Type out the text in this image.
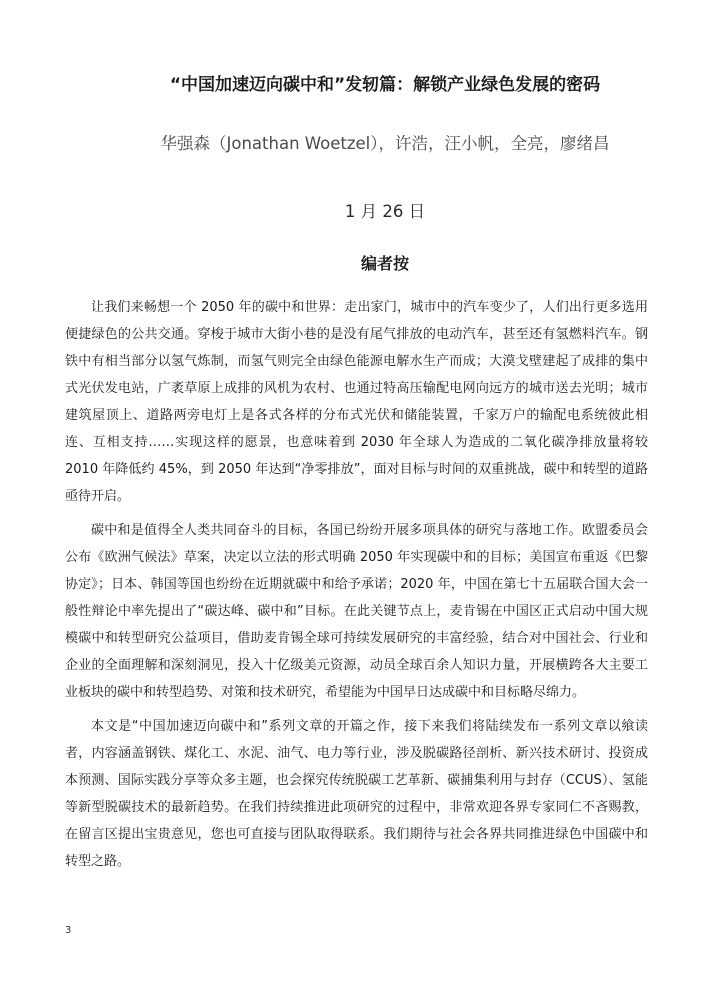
“中国加速迈向碳中和”发轫篇：解锁产业绿色发展的密码
华强森（Jonathan Woetzel），许浩，汪小帆，全亮，廖绪昌
1 月 26 日
编者按

让我们来畅想一个 2050 年的碳中和世界：走出家门，城市中的汽车变少了，人们出行更多选用便捷绿色的公共交通。穿梭于城市大街小巷的是没有尾气排放的电动汽车，甚至还有氢燃料汽车。钢铁中有相当部分以氢气炼制，而氢气则完全由绿色能源电解水生产而成；大漠戈壁建起了成排的集中式光伏发电站，广袤草原上成排的风机为农村、也通过特高压输配电网向远方的城市送去光明；城市建筑屋顶上、道路两旁电灯上是各式各样的分布式光伏和储能装置，千家万户的输配电系统彼此相连、互相支持……实现这样的愿景，也意味着到 2030 年全球人为造成的二氧化碳净排放量将较 2010 年降低约 45%，到 2050 年达到“净零排放”，面对目标与时间的双重挑战，碳中和转型的道路亟待开启。

碳中和是值得全人类共同奋斗的目标，各国已纷纷开展多项具体的研究与落地工作。欧盟委员会公布《欧洲气候法》草案，决定以立法的形式明确 2050 年实现碳中和的目标；美国宣布重返《巴黎协定》；日本、韩国等国也纷纷在近期就碳中和给予承诺；2020 年，中国在第七十五届联合国大会一般性辩论中率先提出了“碳达峰、碳中和”目标。在此关键节点上，麦肯锡在中国区正式启动中国大规模碳中和转型研究公益项目，借助麦肯锡全球可持续发展研究的丰富经验，结合对中国社会、行业和企业的全面理解和深刻洞见，投入十亿级美元资源，动员全球百余人知识力量，开展横跨各大主要工业板块的碳中和转型趋势、对策和技术研究，希望能为中国早日达成碳中和目标略尽绵力。

本文是“中国加速迈向碳中和”系列文章的开篇之作，接下来我们将陆续发布一系列文章以飨读者，内容涵盖钢铁、煤化工、水泥、油气、电力等行业，涉及脱碳路径剖析、新兴技术研讨、投资成本预测、国际实践分享等众多主题，也会探究传统脱碳工艺革新、碳捕集利用与封存（CCUS）、氢能等新型脱碳技术的最新趋势。在我们持续推进此项研究的过程中，非常欢迎各界专家同仁不吝赐教，在留言区提出宝贵意见，您也可直接与团队取得联系。我们期待与社会各界共同推进绿色中国碳中和转型之路。

3
